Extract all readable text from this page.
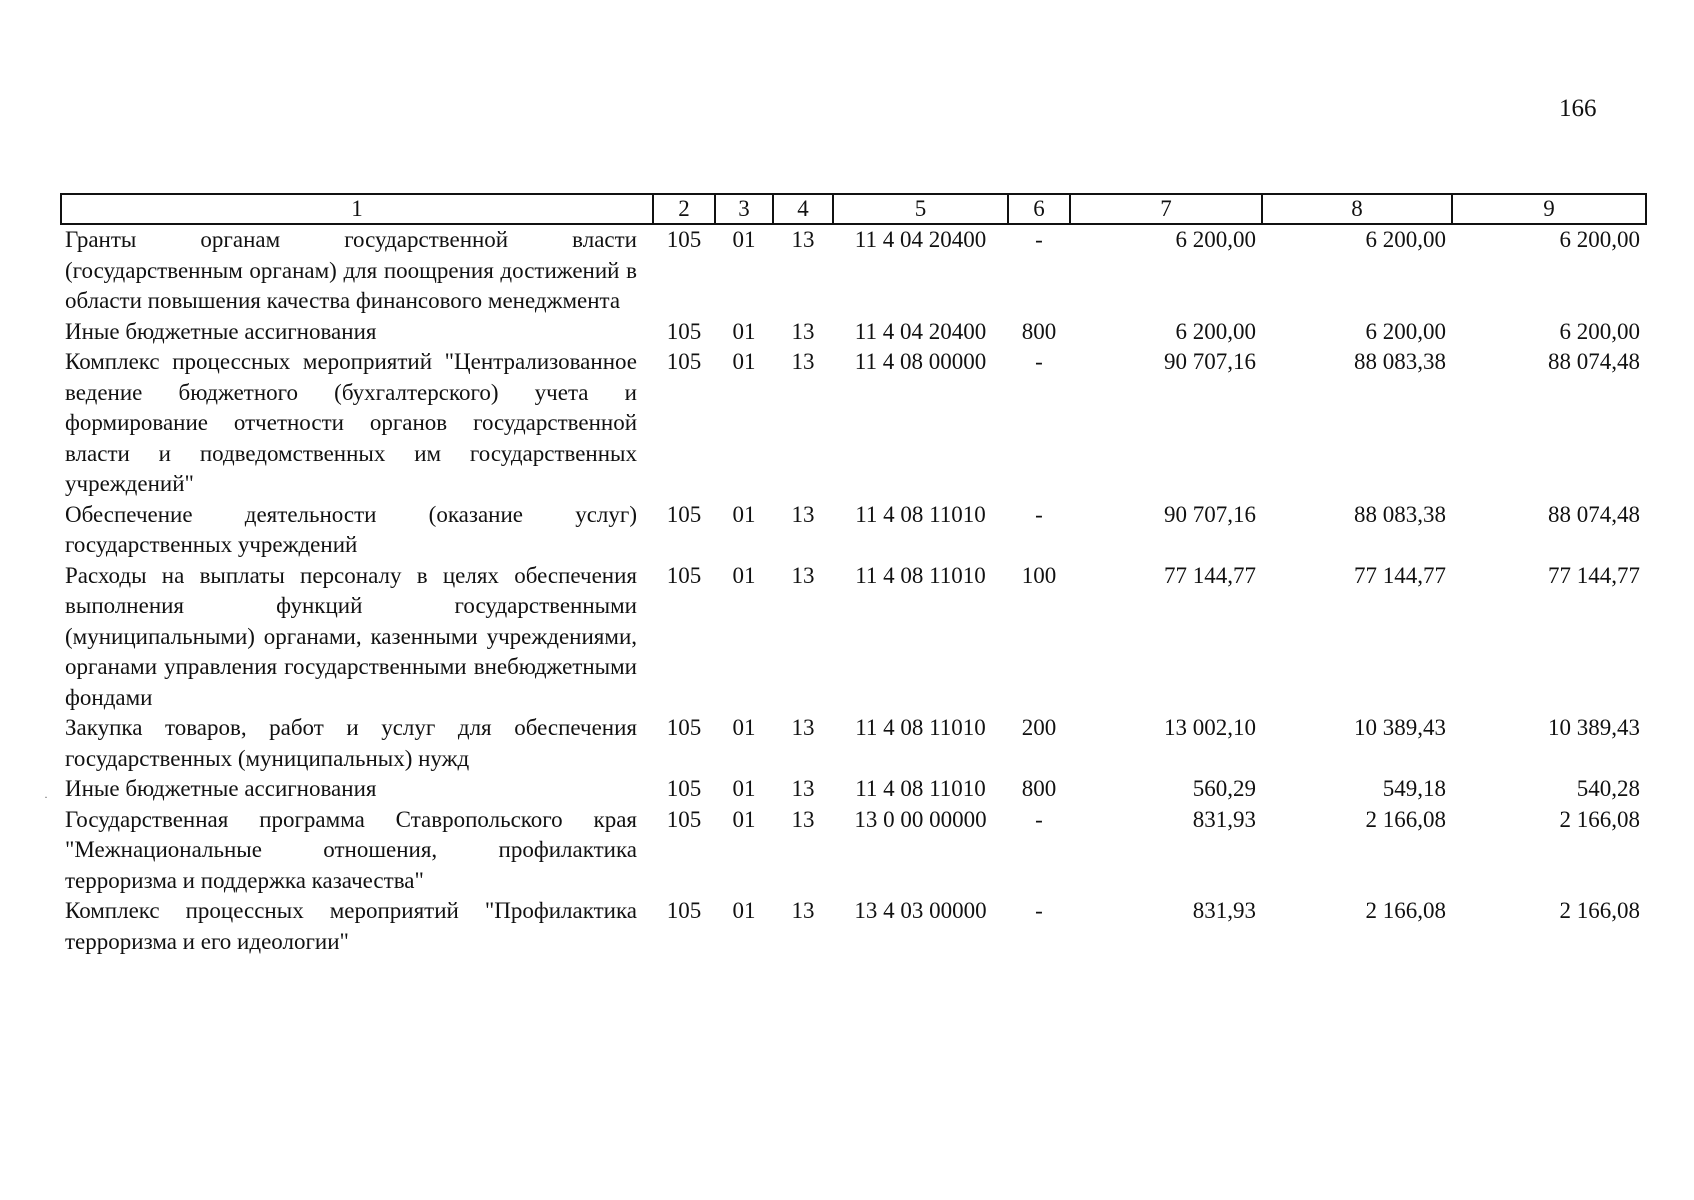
166
1	2	3	4	5	6	7	8	9
Гранты органам государственной власти (государственным органам) для поощрения достижений в области повышения качества финансового менеджмента	105	01	13	11 4 04 20400	-	6 200,00	6 200,00	6 200,00
Иные бюджетные ассигнования	105	01	13	11 4 04 20400	800	6 200,00	6 200,00	6 200,00
Комплекс процессных мероприятий "Централизованное ведение бюджетного (бухгалтерского) учета и формирование отчетности органов государственной власти и подведомственных им государственных учреждений"	105	01	13	11 4 08 00000	-	90 707,16	88 083,38	88 074,48
Обеспечение деятельности (оказание услуг) государственных учреждений	105	01	13	11 4 08 11010	-	90 707,16	88 083,38	88 074,48
Расходы на выплаты персоналу в целях обеспечения выполнения функций государственными (муниципальными) органами, казенными учреждениями, органами управления государственными внебюджетными фондами	105	01	13	11 4 08 11010	100	77 144,77	77 144,77	77 144,77
Закупка товаров, работ и услуг для обеспечения государственных (муниципальных) нужд	105	01	13	11 4 08 11010	200	13 002,10	10 389,43	10 389,43
Иные бюджетные ассигнования	105	01	13	11 4 08 11010	800	560,29	549,18	540,28
Государственная программа Ставропольского края "Межнациональные отношения, профилактика терроризма и поддержка казачества"	105	01	13	13 0 00 00000	-	831,93	2 166,08	2 166,08
Комплекс процессных мероприятий "Профилактика терроризма и его идеологии"	105	01	13	13 4 03 00000	-	831,93	2 166,08	2 166,08
·
